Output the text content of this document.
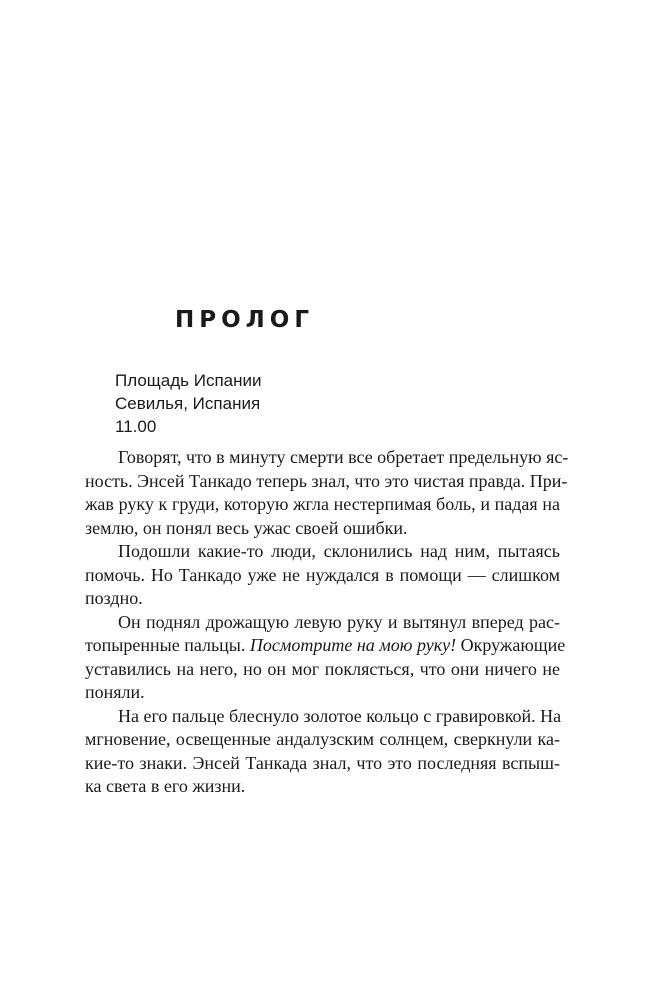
ПРОЛОГ
Площадь Испании
Севилья, Испания
11.00
Говорят, что в минуту смерти все обретает предельную яс-
ность. Энсей Танкадо теперь знал, что это чистая правда. При-
жав руку к груди, которую жгла нестерпимая боль, и падая на
землю, он понял весь ужас своей ошибки.
Подошли какие-то люди, склонились над ним, пытаясь
помочь. Но Танкадо уже не нуждался в помощи — слишком
поздно.
Он поднял дрожащую левую руку и вытянул вперед рас-
топыренные пальцы. Посмотрите на мою руку! Окружающие
уставились на него, но он мог поклясться, что они ничего не
поняли.
На его пальце блеснуло золотое кольцо с гравировкой. На
мгновение, освещенные андалузским солнцем, сверкнули ка-
кие-то знаки. Энсей Танкада знал, что это последняя вспыш-
ка света в его жизни.
